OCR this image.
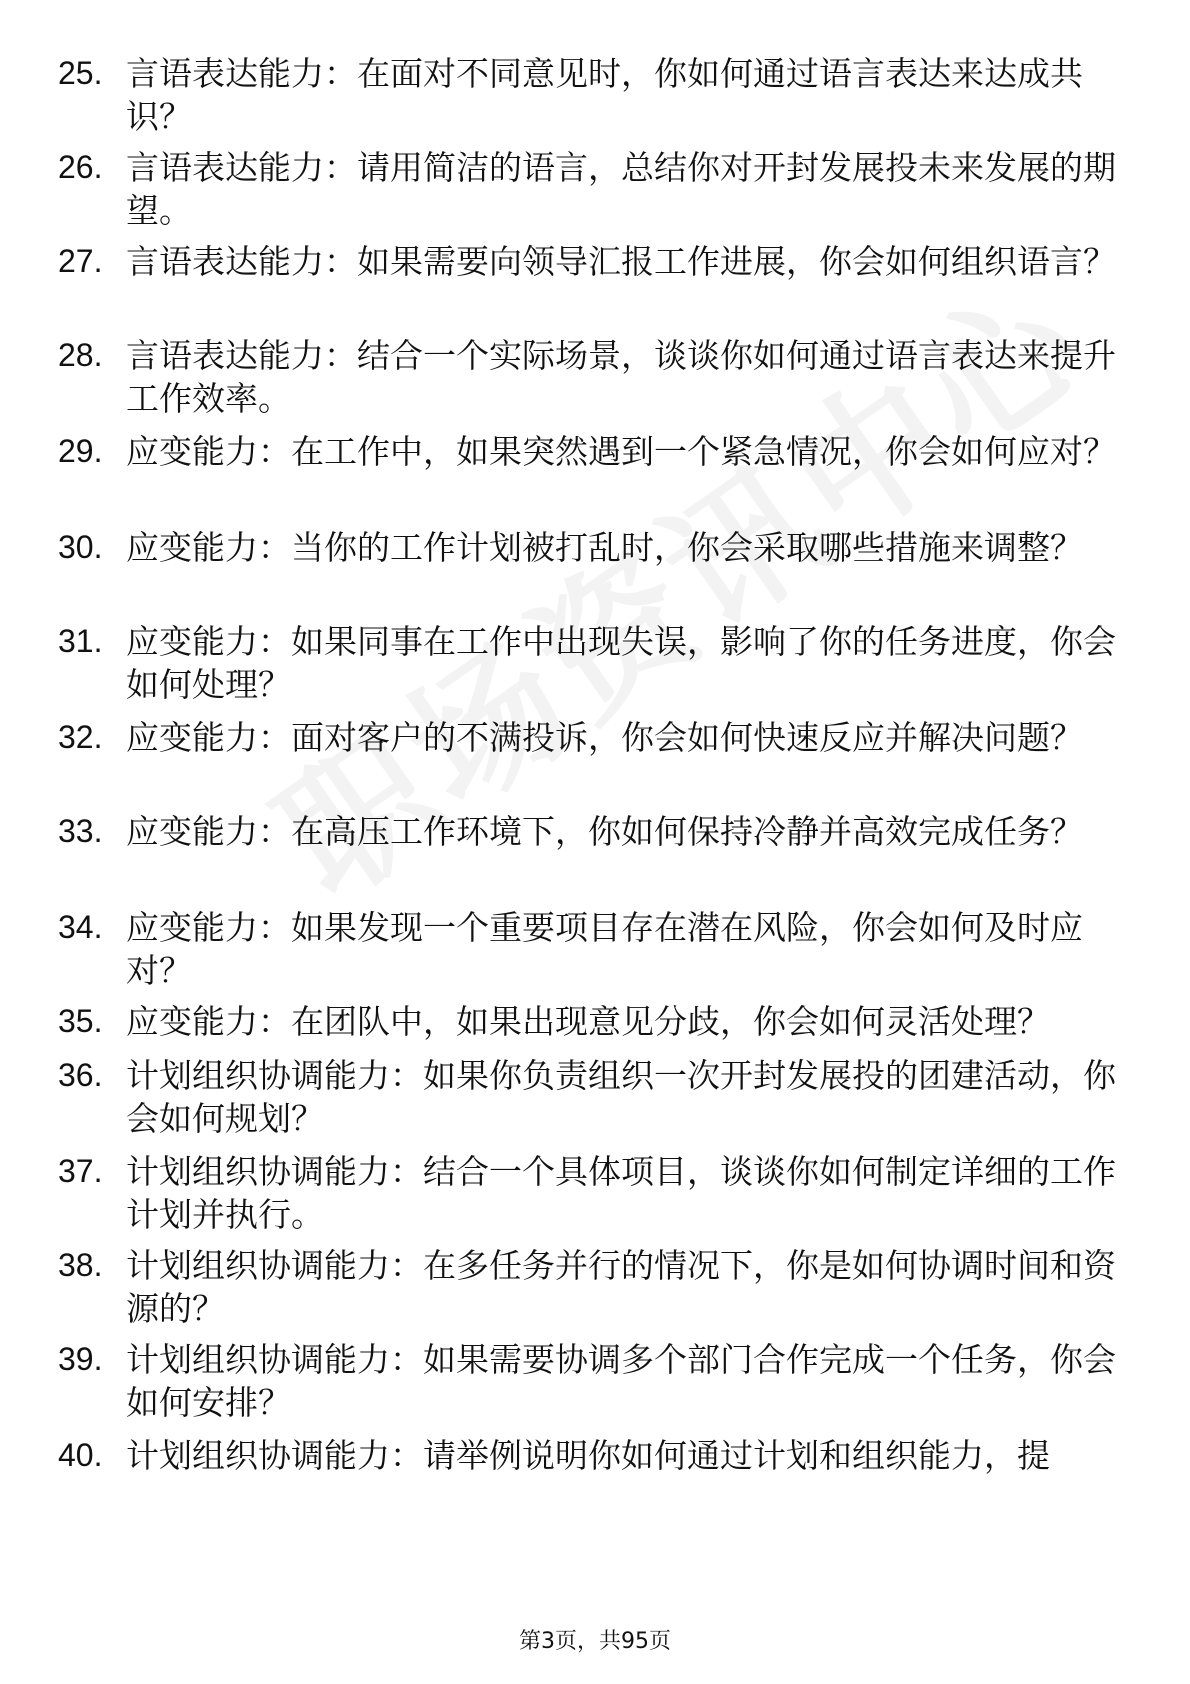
25. 言语表达能力：在面对不同意见时，你如何通过语言表达来达成共识？
26. 言语表达能力：请用简洁的语言，总结你对开封发展投未来发展的期望。
27. 言语表达能力：如果需要向领导汇报工作进展，你会如何组织语言？
28. 言语表达能力：结合一个实际场景，谈谈你如何通过语言表达来提升工作效率。
29. 应变能力：在工作中，如果突然遇到一个紧急情况，你会如何应对？
30. 应变能力：当你的工作计划被打乱时，你会采取哪些措施来调整？
31. 应变能力：如果同事在工作中出现失误，影响了你的任务进度，你会如何处理？
32. 应变能力：面对客户的不满投诉，你会如何快速反应并解决问题？
33. 应变能力：在高压工作环境下，你如何保持冷静并高效完成任务？
34. 应变能力：如果发现一个重要项目存在潜在风险，你会如何及时应对？
35. 应变能力：在团队中，如果出现意见分歧，你会如何灵活处理？
36. 计划组织协调能力：如果你负责组织一次开封发展投的团建活动，你会如何规划？
37. 计划组织协调能力：结合一个具体项目，谈谈你如何制定详细的工作计划并执行。
38. 计划组织协调能力：在多任务并行的情况下，你是如何协调时间和资源的？
39. 计划组织协调能力：如果需要协调多个部门合作完成一个任务，你会如何安排？
40. 计划组织协调能力：请举例说明你如何通过计划和组织能力，提
第3页，共95页
